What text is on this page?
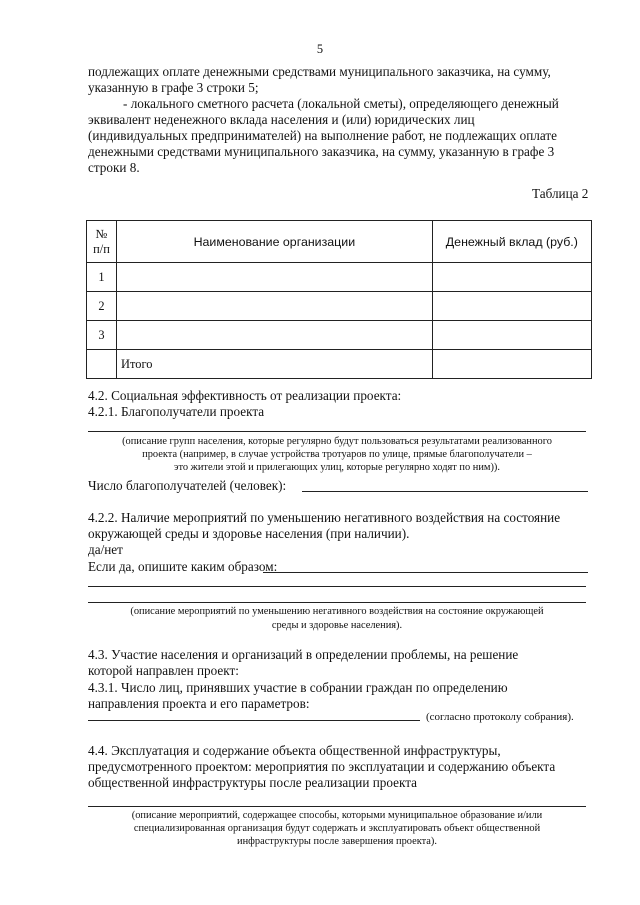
5
подлежащих оплате денежными средствами муниципального заказчика, на сумму,
указанную в графе 3 строки 5;
- локального сметного расчета (локальной сметы), определяющего денежный
эквивалент неденежного вклада населения и (или) юридических лиц
(индивидуальных предпринимателей) на выполнение работ, не подлежащих оплате
денежными средствами муниципального заказчика, на сумму, указанную в графе 3
строки 8.
Таблица 2
№
п/п	Наименование организации	Денежный вклад (руб.)
1		
2		
3		
	Итого	
4.2. Социальная эффективность от реализации проекта:
4.2.1. Благополучатели проекта
(описание групп населения, которые регулярно будут пользоваться результатами реализованного
проекта (например, в случае устройства тротуаров по улице, прямые благополучатели –
это жители этой и прилегающих улиц, которые регулярно ходят по ним)).
Число благополучателей (человек):
4.2.2. Наличие мероприятий по уменьшению негативного воздействия на состояние
окружающей среды и здоровье населения (при наличии).
да/нет
Если да, опишите каким образом:
(описание мероприятий по уменьшению негативного воздействия на состояние окружающей
среды и здоровье населения).
4.3. Участие населения и организаций в определении проблемы, на решение
которой направлен проект:
4.3.1. Число лиц, принявших участие в собрании граждан по определению
направления проекта и его параметров:
(согласно протоколу собрания).
4.4. Эксплуатация и содержание объекта общественной инфраструктуры,
предусмотренного проектом: мероприятия по эксплуатации и содержанию объекта
общественной инфраструктуры после реализации проекта
(описание мероприятий, содержащее способы, которыми муниципальное образование и/или
специализированная организация будут содержать и эксплуатировать объект общественной
инфраструктуры после завершения проекта).
